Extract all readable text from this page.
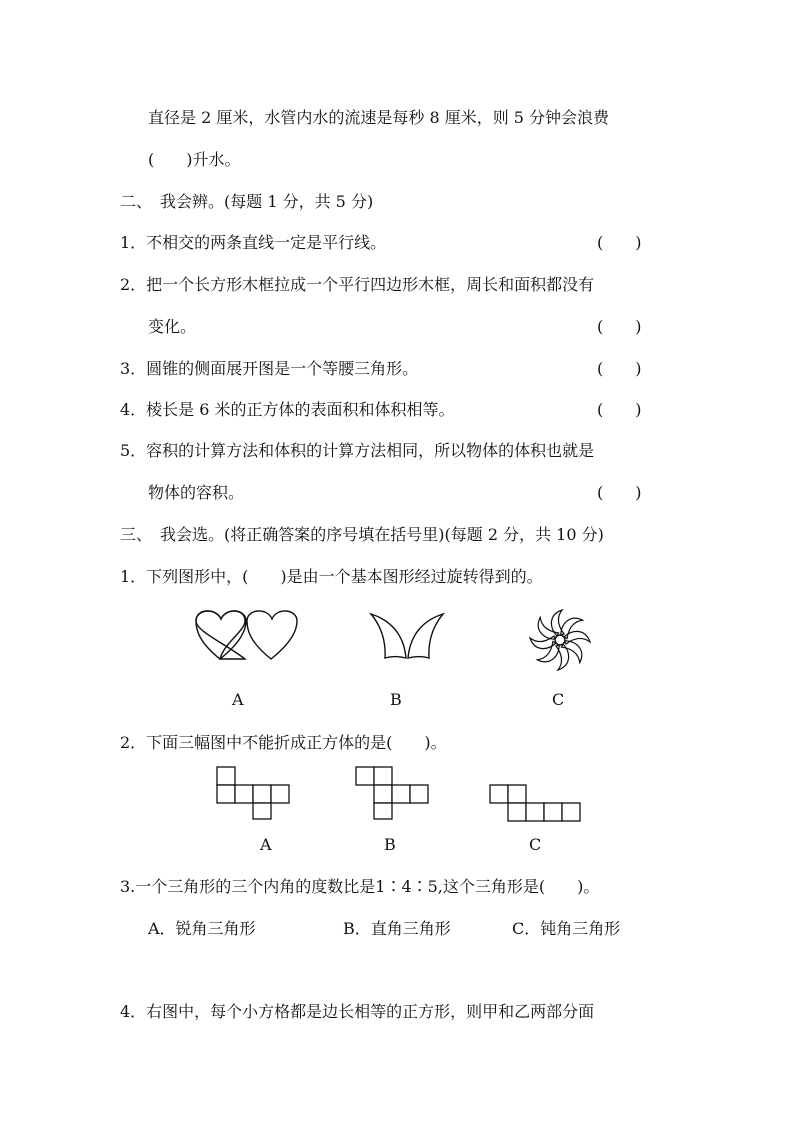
直径是 2 厘米，水管内水的流速是每秒 8 厘米，则 5 分钟会浪费
(　　)升水。
二、　我会辨。(每题 1 分，共 5 分)
1．不相交的两条直线一定是平行线。	(　　)
2．把一个长方形木框拉成一个平行四边形木框，周长和面积都没有
变化。	(　　)
3．圆锥的侧面展开图是一个等腰三角形。	(　　)
4．棱长是 6 米的正方体的表面积和体积相等。	(　　)
5．容积的计算方法和体积的计算方法相同，所以物体的体积也就是
物体的容积。	(　　)
三、　我会选。(将正确答案的序号填在括号里)(每题 2 分，共 10 分)
1．下列图形中，(　　)是由一个基本图形经过旋转得到的。
A	B	C
2．下面三幅图中不能折成正方体的是(　　)。
A	B	C
3.一个三角形的三个内角的度数比是1∶4∶5,这个三角形是(　　)。
A．锐角三角形	B．直角三角形	C．钝角三角形
4．右图中，每个小方格都是边长相等的正方形，则甲和乙两部分面
